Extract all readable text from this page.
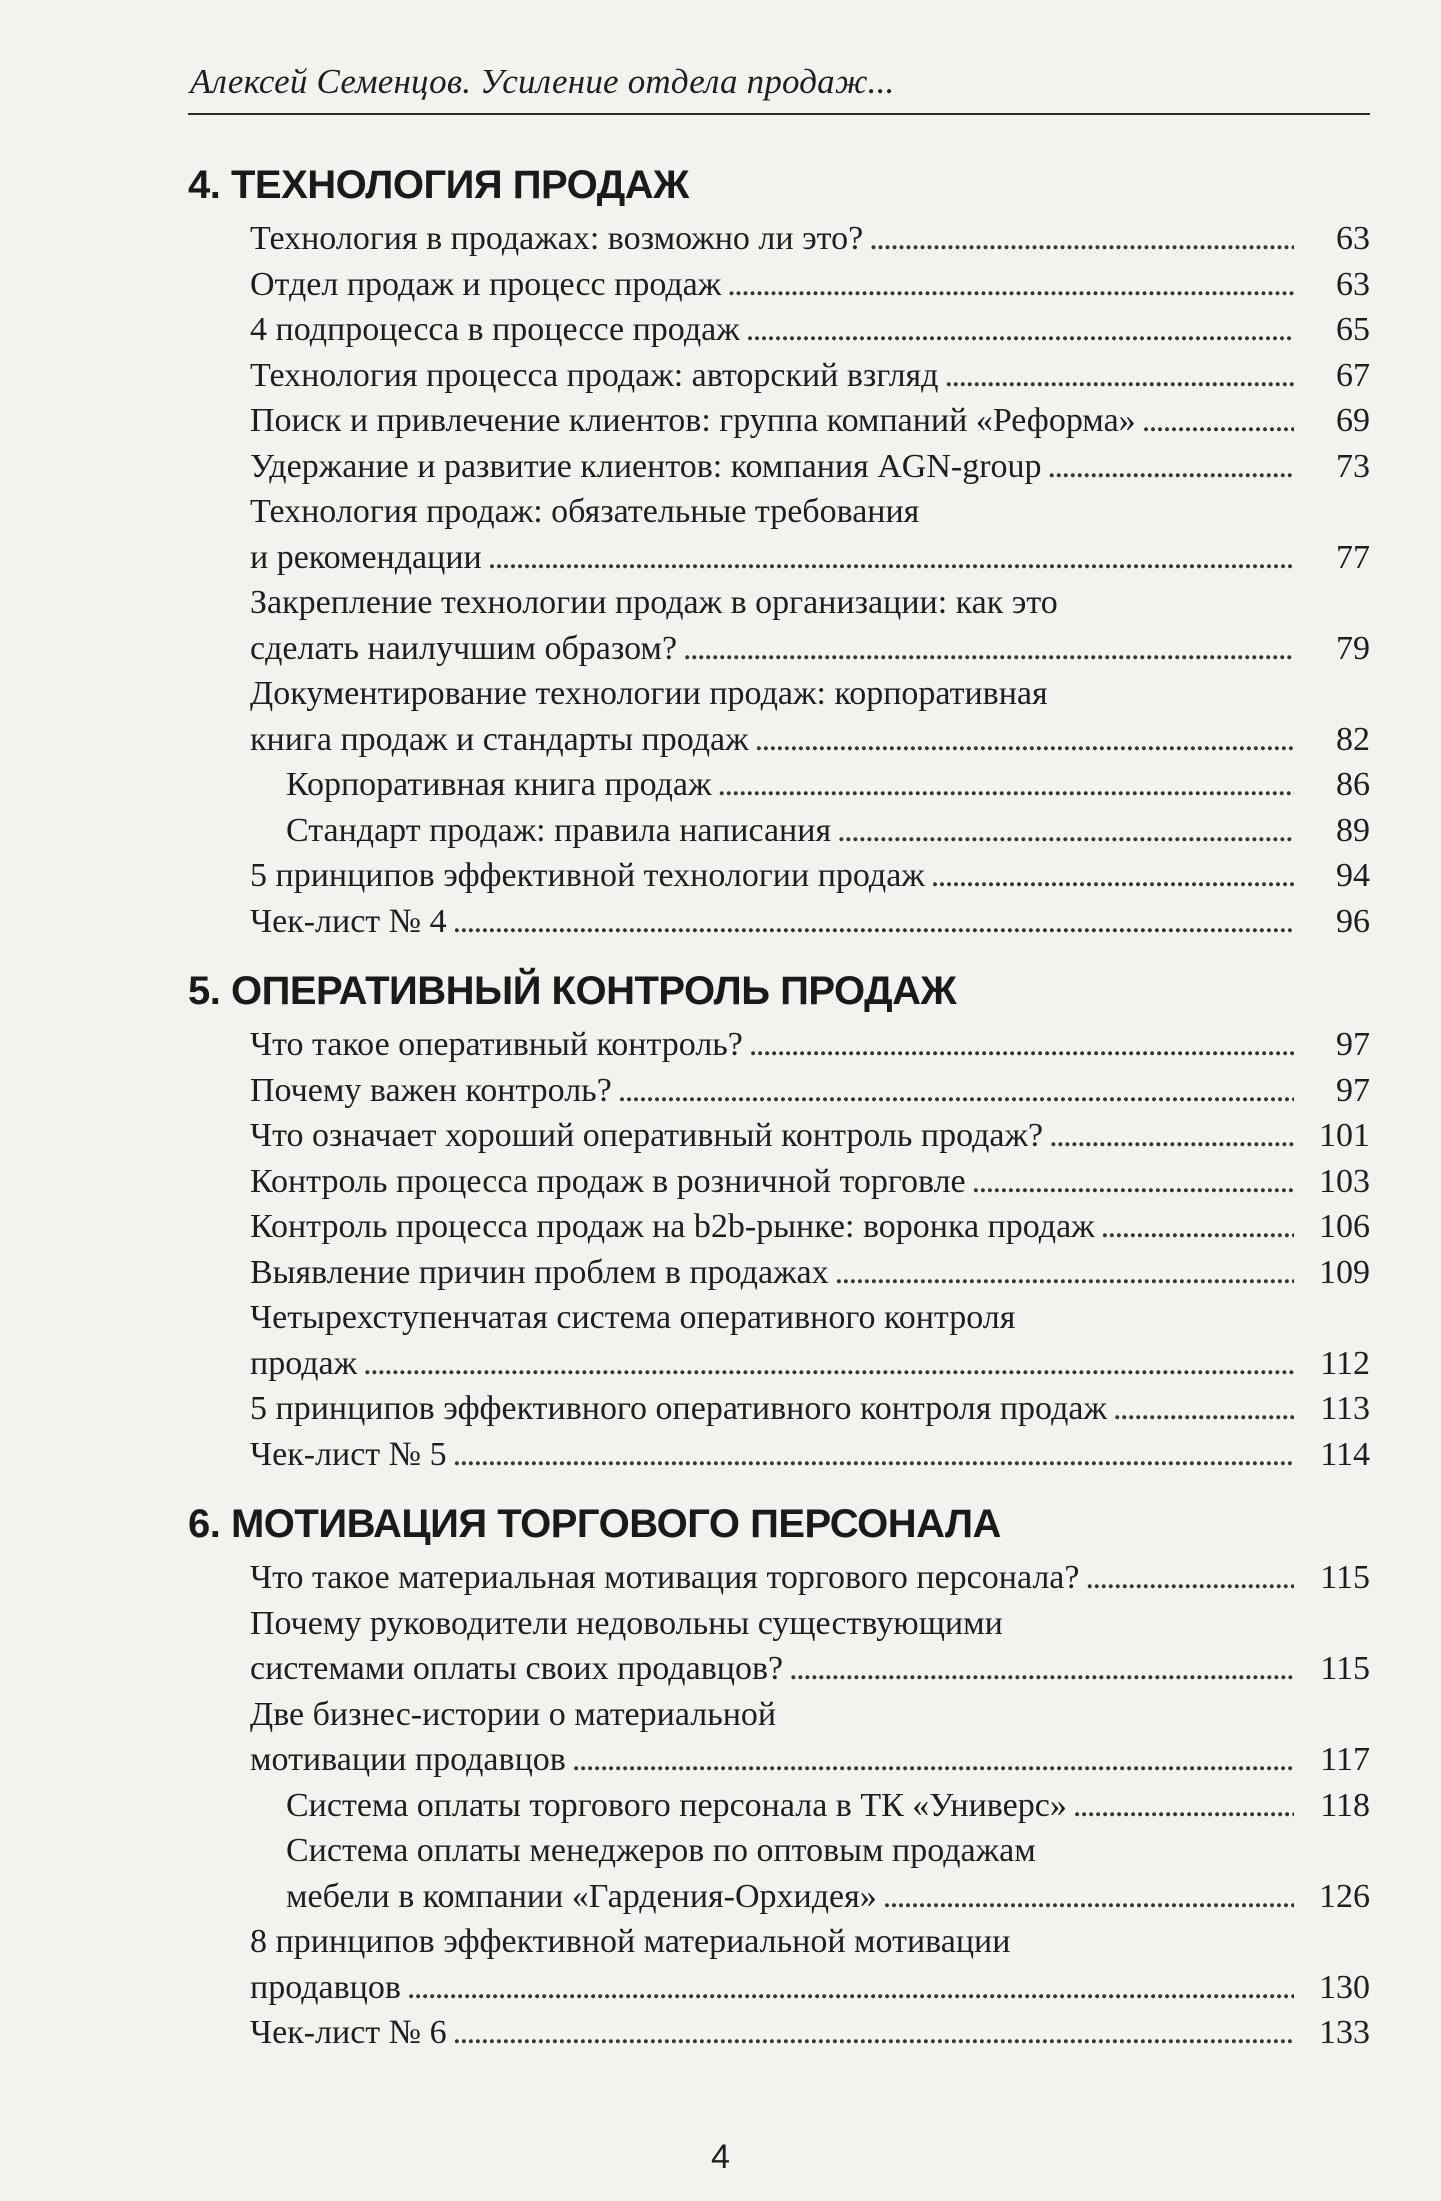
Алексей Семенцов. Усиление отдела продаж...
4. ТЕХНОЛОГИЯ ПРОДАЖ
Технология в продажах: возможно ли это? . . .	63
Отдел продаж и процесс продаж . . .	63
4 подпроцесса в процессе продаж . . .	65
Технология процесса продаж: авторский взгляд . . .	67
Поиск и привлечение клиентов: группа компаний «Реформа» . . .	69
Удержание и развитие клиентов: компания AGN-group . . .	73
Технология продаж: обязательные требования
и рекомендации . . .	77
Закрепление технологии продаж в организации: как это
сделать наилучшим образом? . . .	79
Документирование технологии продаж: корпоративная
книга продаж и стандарты продаж . . .	82
Корпоративная книга продаж . . .	86
Стандарт продаж: правила написания . . .	89
5 принципов эффективной технологии продаж . . .	94
Чек-лист № 4 . . .	96
5. ОПЕРАТИВНЫЙ КОНТРОЛЬ ПРОДАЖ
Что такое оперативный контроль? . . .	97
Почему важен контроль? . . .	97
Что означает хороший оперативный контроль продаж? . . .	101
Контроль процесса продаж в розничной торговле . . .	103
Контроль процесса продаж на b2b-рынке: воронка продаж . . .	106
Выявление причин проблем в продажах . . .	109
Четырехступенчатая система оперативного контроля
продаж . . .	112
5 принципов эффективного оперативного контроля продаж . . .	113
Чек-лист № 5 . . .	114
6. МОТИВАЦИЯ ТОРГОВОГО ПЕРСОНАЛА
Что такое материальная мотивация торгового персонала? . . .	115
Почему руководители недовольны существующими
системами оплаты своих продавцов? . . .	115
Две бизнес-истории о материальной
мотивации продавцов . . .	117
Система оплаты торгового персонала в ТК «Универс» . . .	118
Система оплаты менеджеров по оптовым продажам
мебели в компании «Гардения-Орхидея» . . .	126
8 принципов эффективной материальной мотивации
продавцов . . .	130
Чек-лист № 6 . . .	133
4
